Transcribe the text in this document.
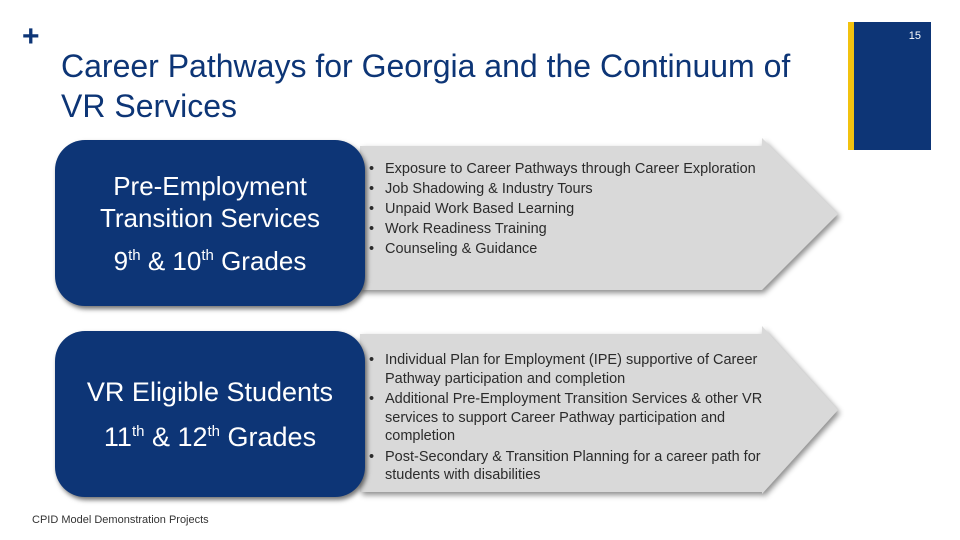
+
Career Pathways for Georgia and the Continuum of VR Services
15
Pre-Employment
Transition Services
9th & 10th Grades
VR Eligible Students
11th & 12th Grades
• Exposure to Career Pathways through Career Exploration
• Job Shadowing & Industry Tours
• Unpaid Work Based Learning
• Work Readiness Training
• Counseling & Guidance
• Individual Plan for Employment (IPE) supportive of Career Pathway participation and completion
• Additional Pre-Employment Transition Services & other VR services to support Career Pathway participation and completion
• Post-Secondary & Transition Planning for a career path for students with disabilities
CPID Model Demonstration Projects
